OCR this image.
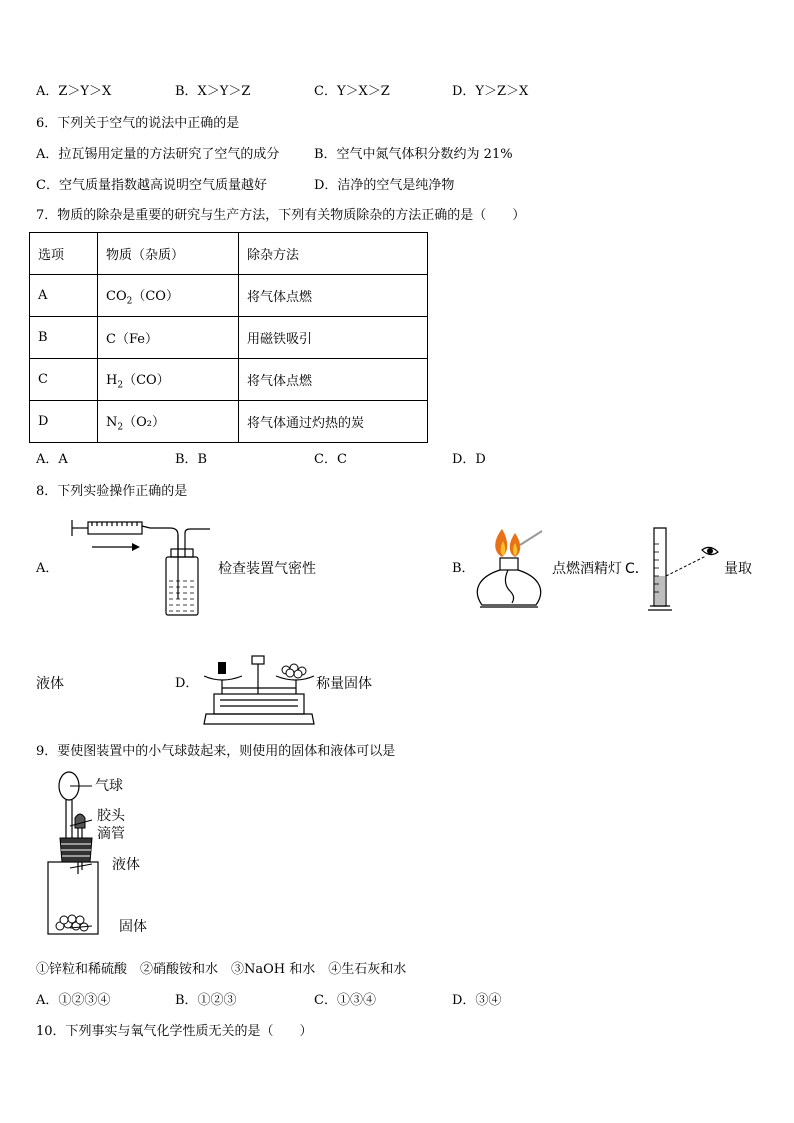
A．Z＞Y＞X	B．X＞Y＞Z	C．Y＞X＞Z	D．Y＞Z＞X
6．下列关于空气的说法中正确的是
A．拉瓦锡用定量的方法研究了空气的成分	B．空气中氮气体积分数约为 21%
C．空气质量指数越高说明空气质量越好	D．洁净的空气是纯净物
7．物质的除杂是重要的研究与生产方法，下列有关物质除杂的方法正确的是（　　）
选项	物质（杂质）	除杂方法
A	$CO_2(CO)$	将气体点燃
B	C（Fe）	用磁铁吸引
C	$H_2(CO)$	将气体点燃
D	$N_2(O_2)$	将气体通过灼热的炭
A．A	B．B	C．C	D．D
8．下列实验操作正确的是
A．	检查装置气密性	B．	点燃酒精灯 C．	量取
液体	D．	称量固体
9．要使图装置中的小气球鼓起来，则使用的固体和液体可以是
气球
胶头
滴管
液体
固体
①锌粒和稀硫酸　②硝酸铵和水　③NaOH 和水　④生石灰和水
A．①②③④	B．①②③	C．①③④	D．③④
10．下列事实与氧气化学性质无关的是（　　）
